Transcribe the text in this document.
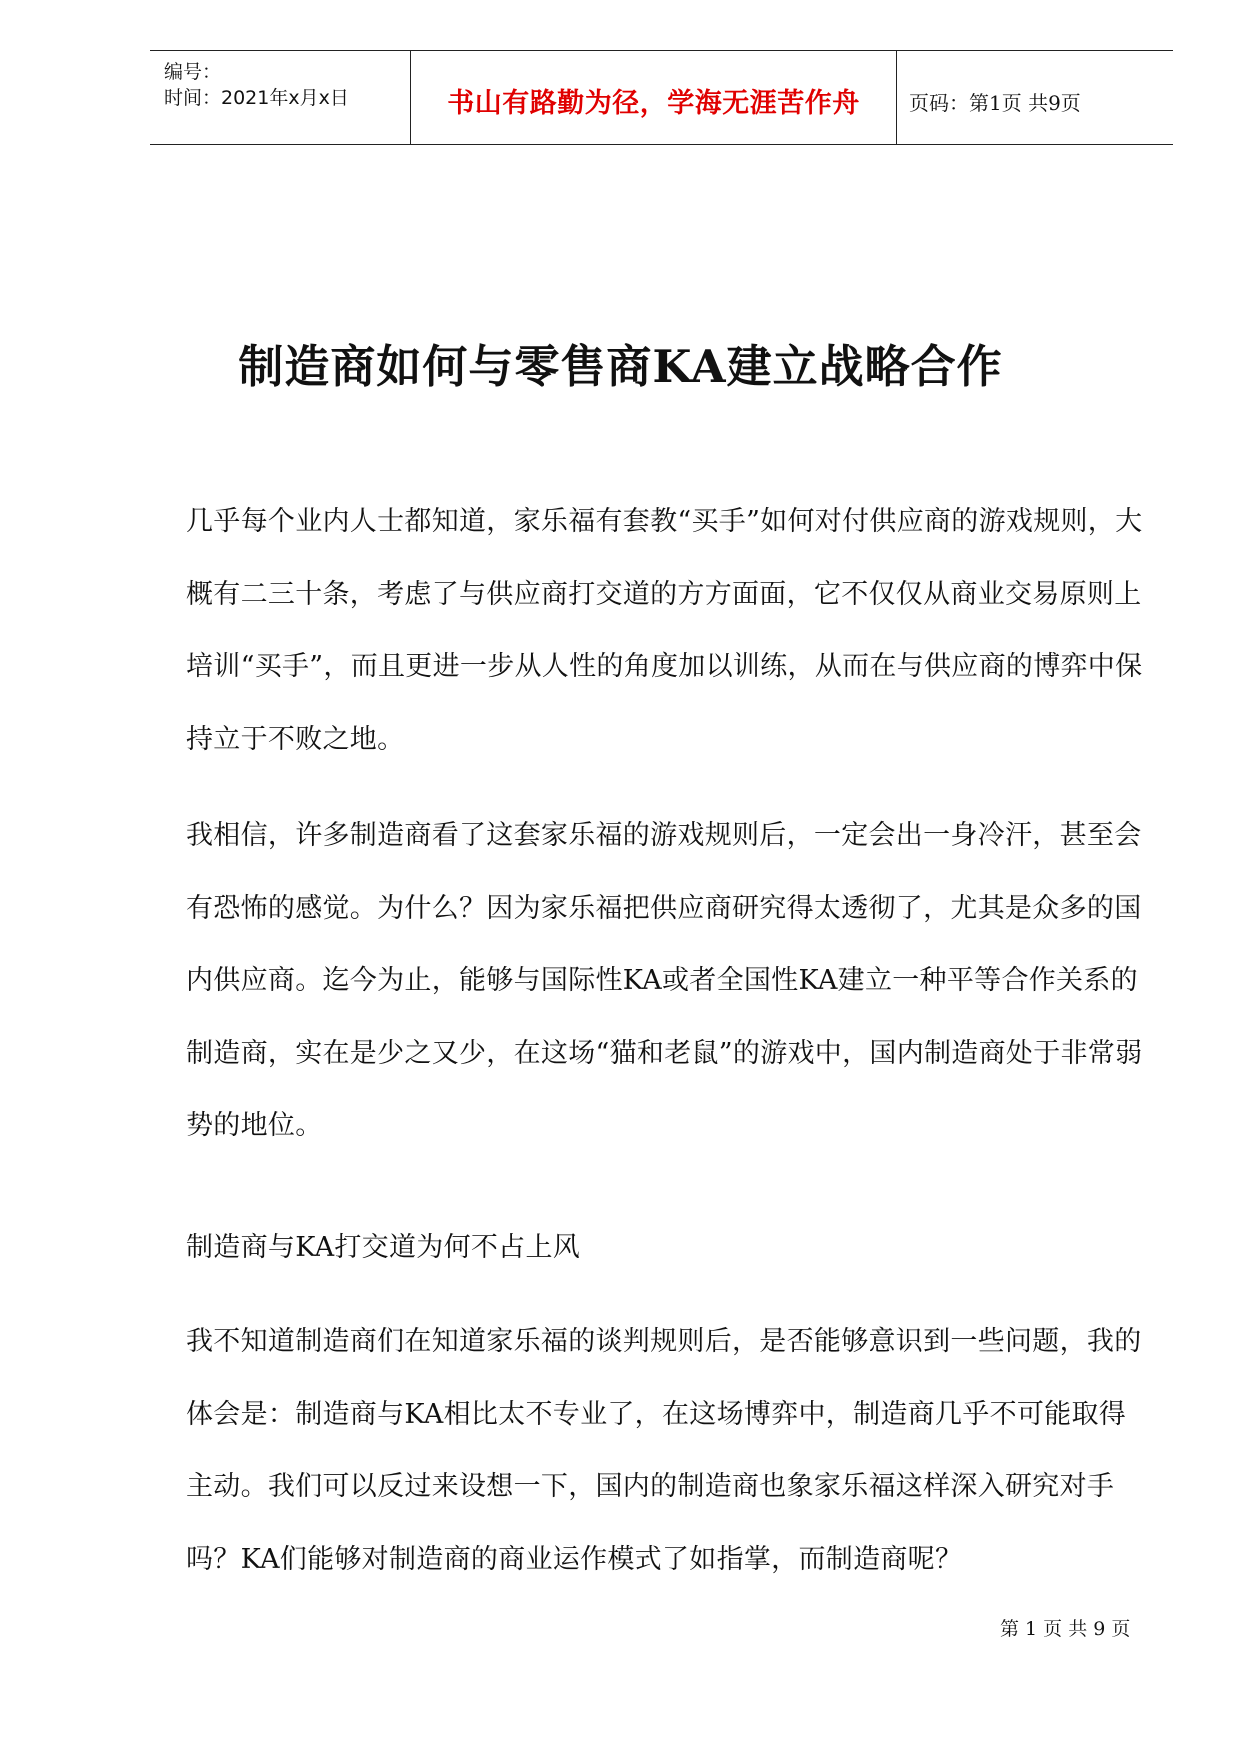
编号：
时间：2021年x月x日	书山有路勤为径，学海无涯苦作舟	页码：第1页 共9页
制造商如何与零售商KA建立战略合作

几乎每个业内人士都知道，家乐福有套教“买手”如何对付供应商的游戏规则，大概有二三十条，考虑了与供应商打交道的方方面面，它不仅仅从商业交易原则上培训“买手”，而且更进一步从人性的角度加以训练，从而在与供应商的博弈中保持立于不败之地。

我相信，许多制造商看了这套家乐福的游戏规则后，一定会出一身冷汗，甚至会有恐怖的感觉。为什么？因为家乐福把供应商研究得太透彻了，尤其是众多的国内供应商。迄今为止，能够与国际性KA或者全国性KA建立一种平等合作关系的制造商，实在是少之又少，在这场“猫和老鼠”的游戏中，国内制造商处于非常弱势的地位。

制造商与KA打交道为何不占上风

我不知道制造商们在知道家乐福的谈判规则后，是否能够意识到一些问题，我的体会是：制造商与KA相比太不专业了，在这场博弈中，制造商几乎不可能取得主动。我们可以反过来设想一下，国内的制造商也象家乐福这样深入研究对手吗？KA们能够对制造商的商业运作模式了如指掌，而制造商呢？

第 1 页 共 9 页
